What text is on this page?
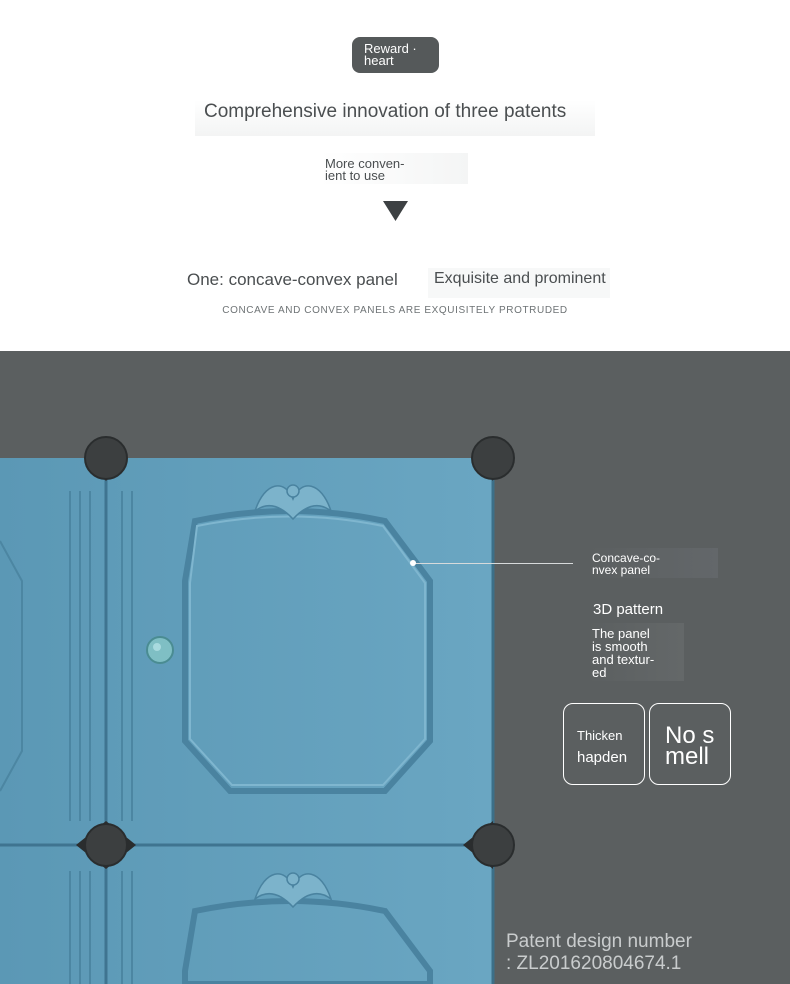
Reward ·
heart
Comprehensive innovation of three patents
More conven-
ient to use
One: concave-convex panel	Exquisite and prominent
CONCAVE AND CONVEX PANELS ARE EXQUISITELY PROTRUDED
Concave-co-
nvex panel
3D pattern
The panel
is smooth
and textur-
ed
Thicken
hapden
No s
mell
Patent design number
: ZL201620804674.1
